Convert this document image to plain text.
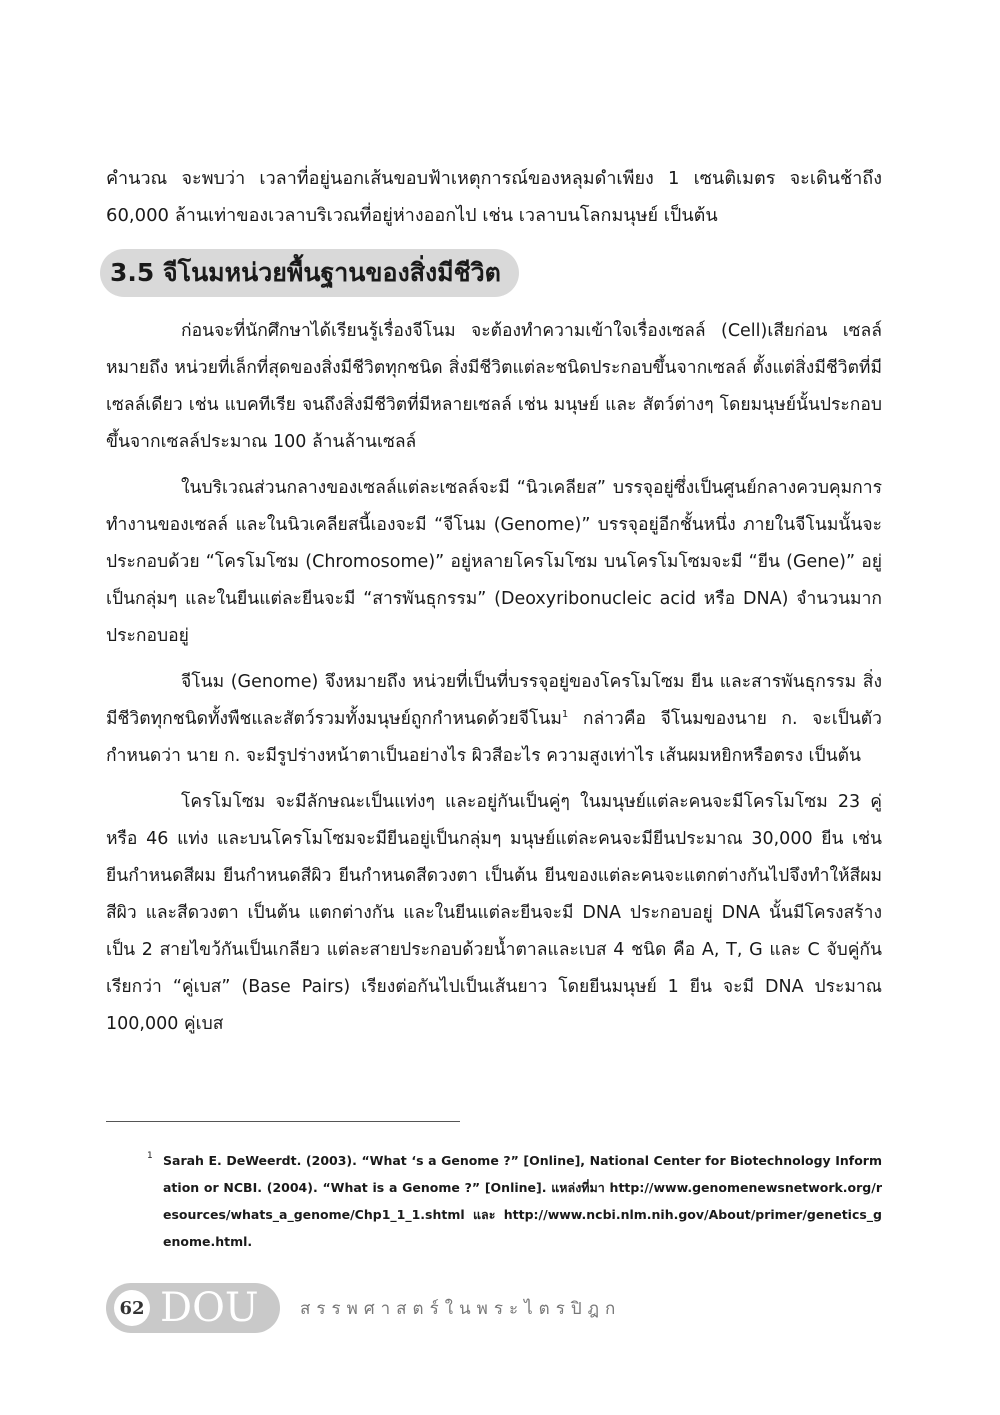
คำนวณ จะพบว่า เวลาที่อยู่นอกเส้นขอบฟ้าเหตุการณ์ของหลุมดำเพียง 1 เซนติเมตร จะเดินช้าถึง 60,000 ล้านเท่าของเวลาบริเวณที่อยู่ห่างออกไป เช่น เวลาบนโลกมนุษย์ เป็นต้น

3.5 จีโนมหน่วยพื้นฐานของสิ่งมีชีวิต

ก่อนจะที่นักศึกษาได้เรียนรู้เรื่องจีโนม จะต้องทำความเข้าใจเรื่องเซลล์ (Cell)เสียก่อน เซลล์ หมายถึง หน่วยที่เล็กที่สุดของสิ่งมีชีวิตทุกชนิด สิ่งมีชีวิตแต่ละชนิดประกอบขึ้นจากเซลล์ ตั้งแต่สิ่งมีชีวิตที่มีเซลล์เดียว เช่น แบคทีเรีย จนถึงสิ่งมีชีวิตที่มีหลายเซลล์ เช่น มนุษย์ และ สัตว์ต่างๆ โดยมนุษย์นั้นประกอบขึ้นจากเซลล์ประมาณ 100 ล้านล้านเซลล์

ในบริเวณส่วนกลางของเซลล์แต่ละเซลล์จะมี “นิวเคลียส” บรรจุอยู่ซึ่งเป็นศูนย์กลางควบคุมการทำงานของเซลล์ และในนิวเคลียสนี้เองจะมี “จีโนม (Genome)” บรรจุอยู่อีกชั้นหนึ่ง ภายในจีโนมนั้นจะประกอบด้วย “โครโมโซม (Chromosome)” อยู่หลายโครโมโซม บนโครโมโซมจะมี “ยีน (Gene)” อยู่เป็นกลุ่มๆ และในยีนแต่ละยีนจะมี “สารพันธุกรรม” (Deoxyribonucleic acid หรือ DNA) จำนวนมากประกอบอยู่

จีโนม (Genome) จึงหมายถึง หน่วยที่เป็นที่บรรจุอยู่ของโครโมโซม ยีน และสารพันธุกรรม สิ่งมีชีวิตทุกชนิดทั้งพืชและสัตว์รวมทั้งมนุษย์ถูกกำหนดด้วยจีโนม$^1$ กล่าวคือ จีโนมของนาย ก. จะเป็นตัวกำหนดว่า นาย ก. จะมีรูปร่างหน้าตาเป็นอย่างไร ผิวสีอะไร ความสูงเท่าไร เส้นผมหยิกหรือตรง เป็นต้น

โครโมโซม จะมีลักษณะเป็นแท่งๆ และอยู่กันเป็นคู่ๆ ในมนุษย์แต่ละคนจะมีโครโมโซม 23 คู่ หรือ 46 แท่ง และบนโครโมโซมจะมียีนอยู่เป็นกลุ่มๆ มนุษย์แต่ละคนจะมียีนประมาณ 30,000 ยีน เช่น ยีนกำหนดสีผม ยีนกำหนดสีผิว ยีนกำหนดสีดวงตา เป็นต้น ยีนของแต่ละคนจะแตกต่างกันไปจึงทำให้สีผม สีผิว และสีดวงตา เป็นต้น แตกต่างกัน และในยีนแต่ละยีนจะมี DNA ประกอบอยู่ DNA นั้นมีโครงสร้างเป็น 2 สายไขว้กันเป็นเกลียว แต่ละสายประกอบด้วยน้ำตาลและเบส 4 ชนิด คือ A, T, G และ C จับคู่กัน เรียกว่า “คู่เบส” (Base Pairs) เรียงต่อกันไปเป็นเส้นยาว โดยยีนมนุษย์ 1 ยีน จะมี DNA ประมาณ 100,000 คู่เบส

1 Sarah E. DeWeerdt. (2003). “What ‘s a Genome ?” [Online], National Center for Biotechnology Information or NCBI. (2004). “What is a Genome ?” [Online]. แหล่งที่มา http://www.genomenewsnetwork.org/resources/whats_a_genome/Chp1_1_1.shtml และ http://www.ncbi.nlm.nih.gov/About/primer/genetics_genome.html.

62 DOU สรรพศาสตร์ในพระไตรปิฎก
